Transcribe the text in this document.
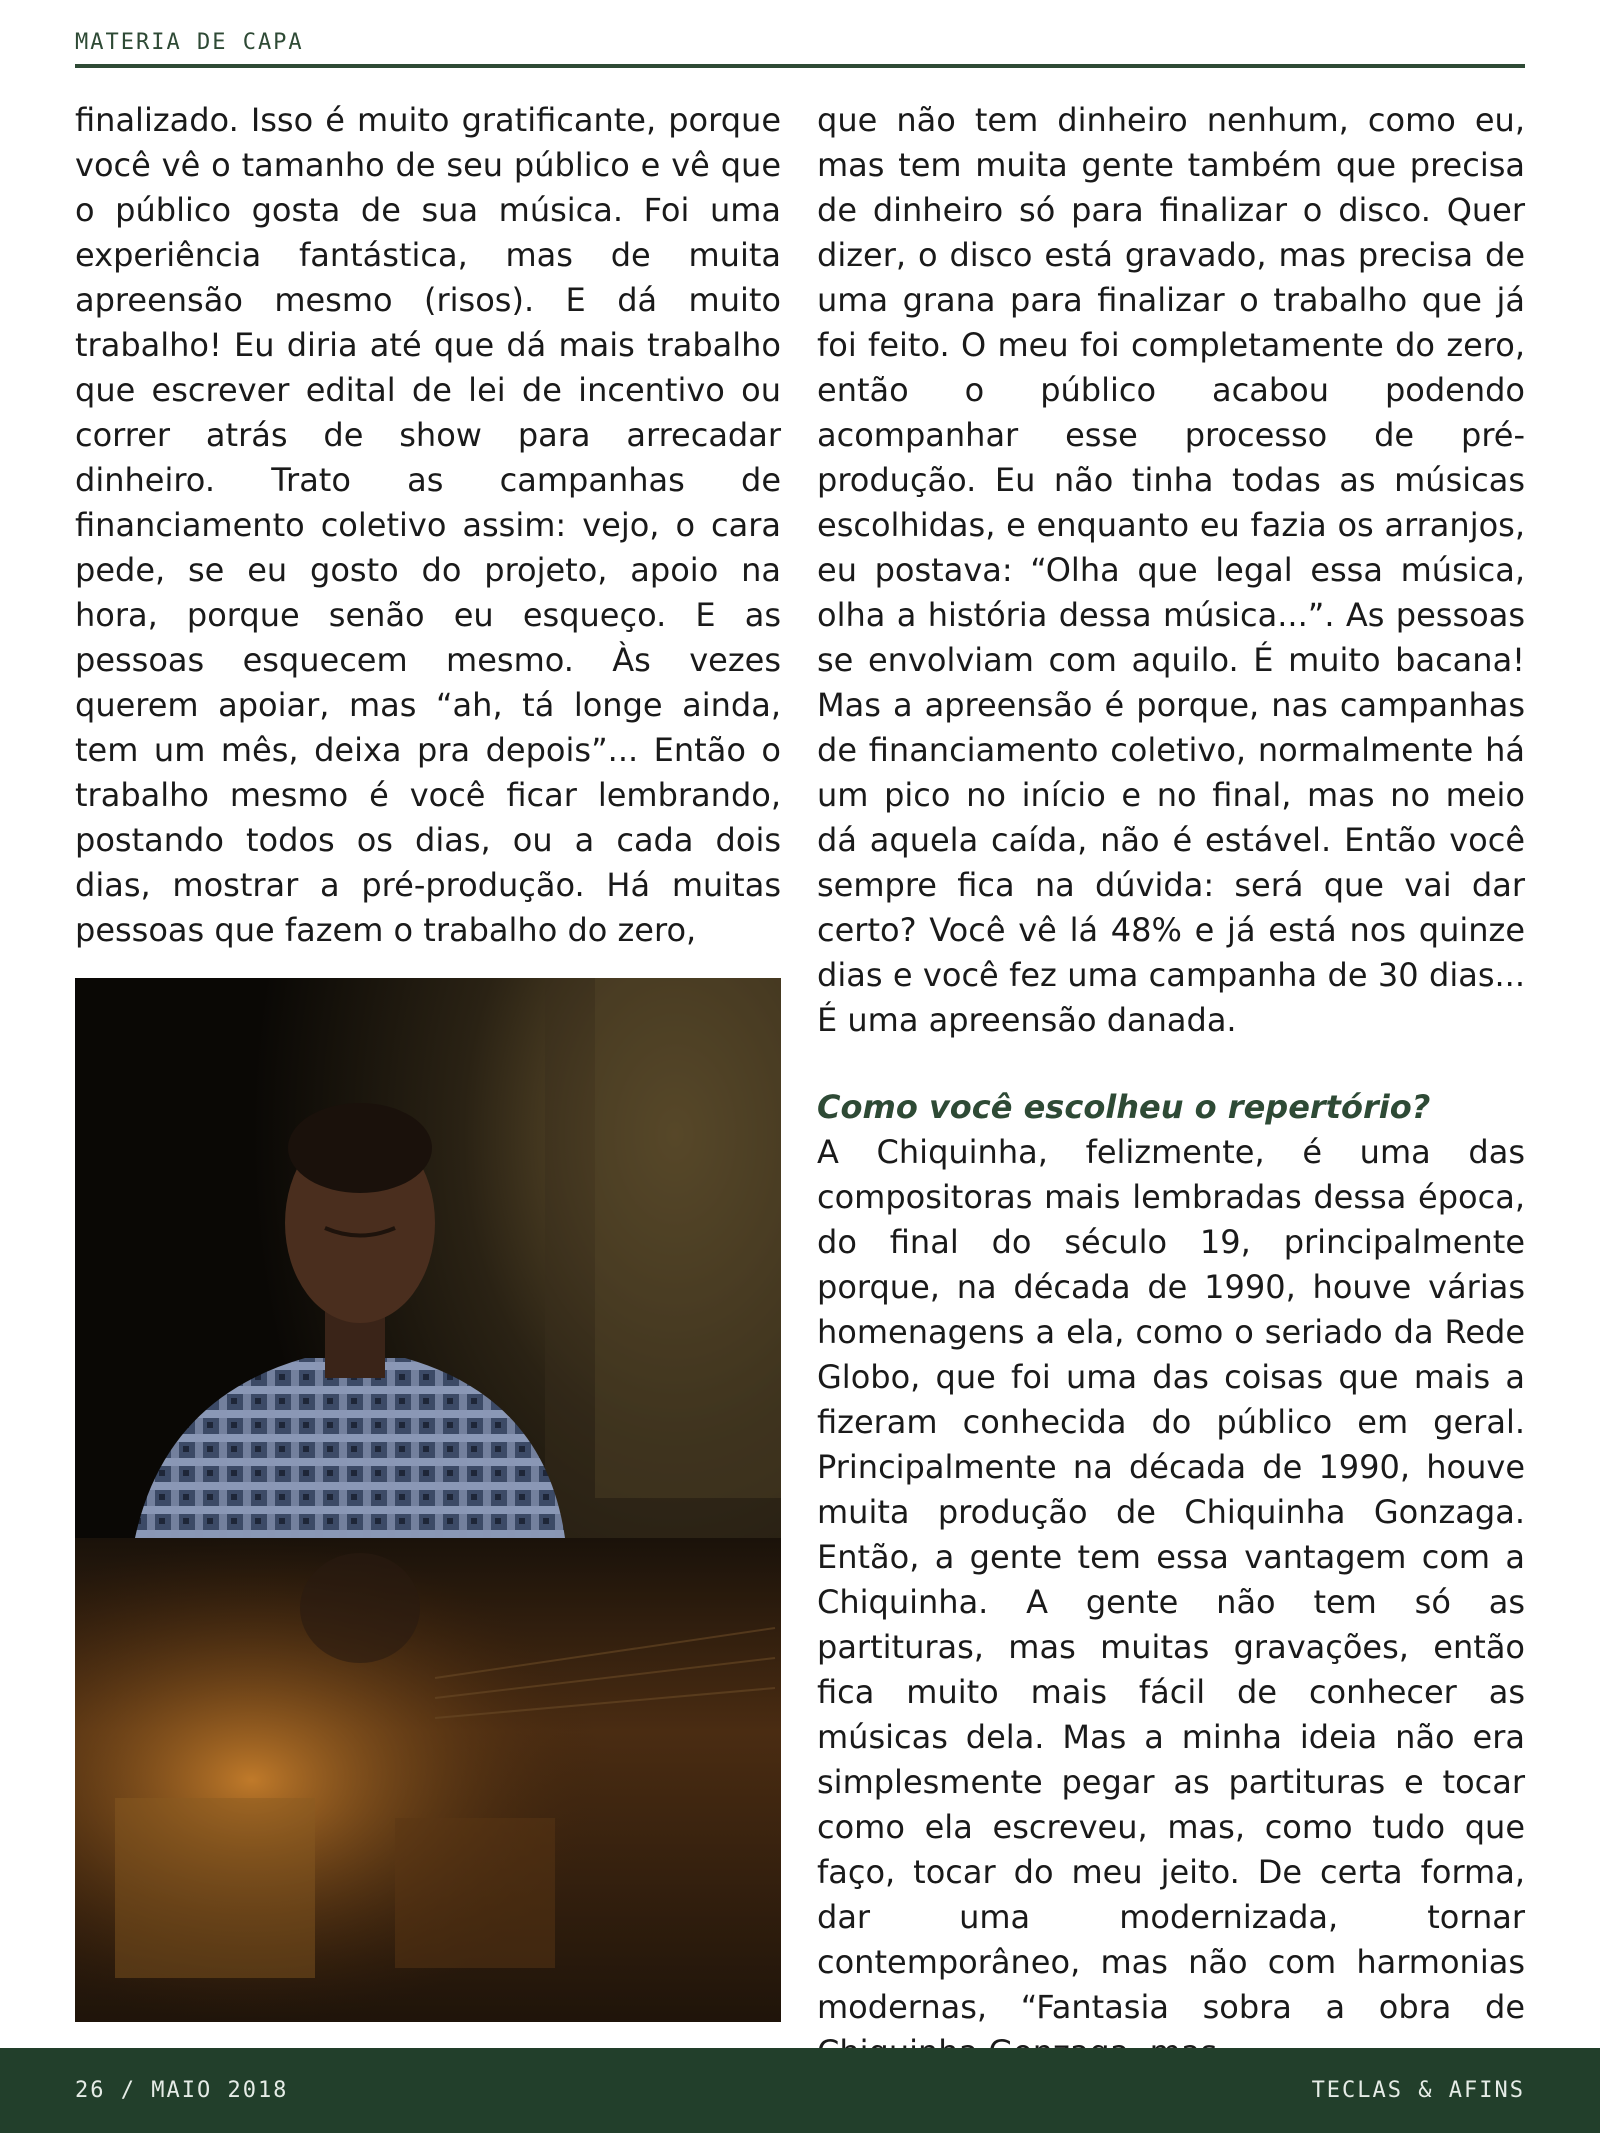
MATERIA DE CAPA

finalizado. Isso é muito gratificante, porque você vê o tamanho de seu público e vê que o público gosta de sua música. Foi uma experiência fantástica, mas de muita apreensão mesmo (risos). E dá muito trabalho! Eu diria até que dá mais trabalho que escrever edital de lei de incentivo ou correr atrás de show para arrecadar dinheiro. Trato as campanhas de financiamento coletivo assim: vejo, o cara pede, se eu gosto do projeto, apoio na hora, porque senão eu esqueço. E as pessoas esquecem mesmo. Às vezes querem apoiar, mas “ah, tá longe ainda, tem um mês, deixa pra depois”... Então o trabalho mesmo é você ficar lembrando, postando todos os dias, ou a cada dois dias, mostrar a pré-produção. Há muitas pessoas que fazem o trabalho do zero,

que não tem dinheiro nenhum, como eu, mas tem muita gente também que precisa de dinheiro só para finalizar o disco. Quer dizer, o disco está gravado, mas precisa de uma grana para finalizar o trabalho que já foi feito. O meu foi completamente do zero, então o público acabou podendo acompanhar esse processo de pré-produção. Eu não tinha todas as músicas escolhidas, e enquanto eu fazia os arranjos, eu postava: “Olha que legal essa música, olha a história dessa música...”. As pessoas se envolviam com aquilo. É muito bacana! Mas a apreensão é porque, nas campanhas de financiamento coletivo, normalmente há um pico no início e no final, mas no meio dá aquela caída, não é estável. Então você sempre fica na dúvida: será que vai dar certo? Você vê lá 48% e já está nos quinze dias e você fez uma campanha de 30 dias... É uma apreensão danada.

Como você escolheu o repertório?

A Chiquinha, felizmente, é uma das compositoras mais lembradas dessa época, do final do século 19, principalmente porque, na década de 1990, houve várias homenagens a ela, como o seriado da Rede Globo, que foi uma das coisas que mais a fizeram conhecida do público em geral. Principalmente na década de 1990, houve muita produção de Chiquinha Gonzaga. Então, a gente tem essa vantagem com a Chiquinha. A gente não tem só as partituras, mas muitas gravações, então fica muito mais fácil de conhecer as músicas dela. Mas a minha ideia não era simplesmente pegar as partituras e tocar como ela escreveu, mas, como tudo que faço, tocar do meu jeito. De certa forma, dar uma modernizada, tornar contemporâneo, mas não com harmonias modernas, “Fantasia sobra a obra de

26 / MAIO 2018	TECLAS & AFINS
